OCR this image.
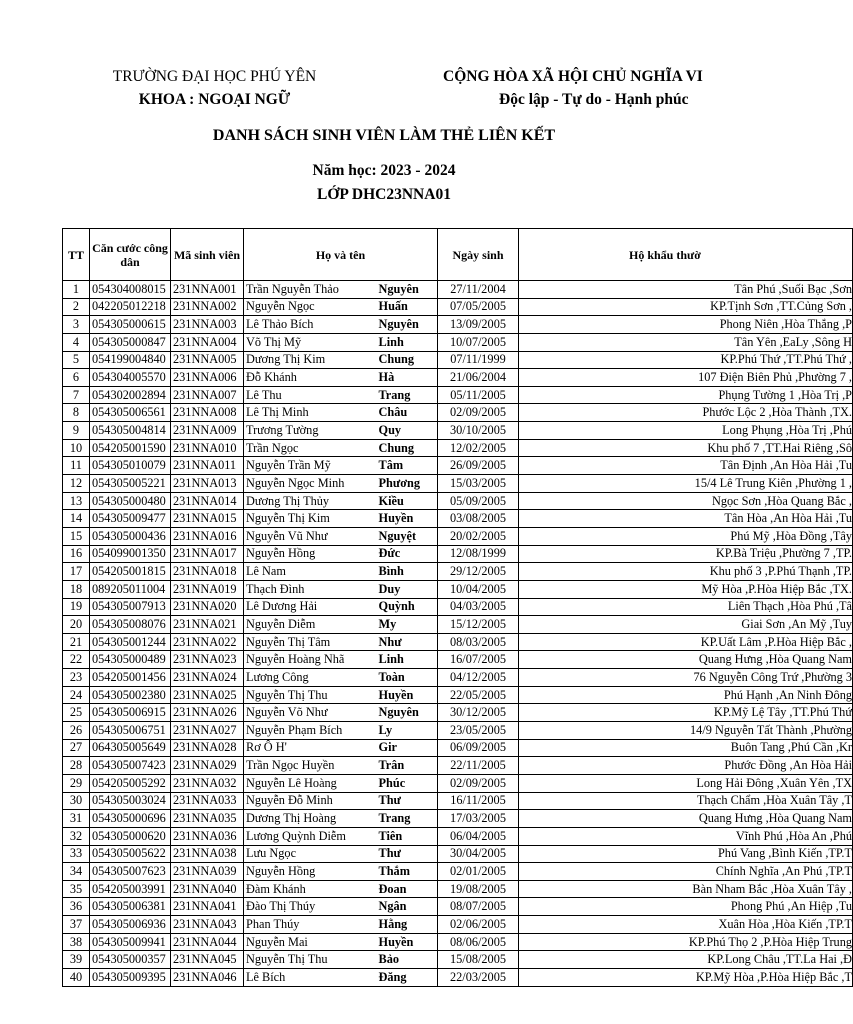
TRƯỜNG ĐẠI HỌC PHÚ YÊN
KHOA : NGOẠI NGỮ
CỘNG HÒA XÃ HỘI CHỦ NGHĨA VI
Độc lập - Tự do - Hạnh phúc
DANH SÁCH SINH VIÊN LÀM THẺ LIÊN KẾT
Năm học: 2023 - 2024
LỚP DHC23NNA01
TT	Căn cước công dân	Mã sinh viên	Họ và tên		Ngày sinh	Hộ khẩu thườ
1	054304008015	231NNA001	Trần Nguyễn Thảo	Nguyên	27/11/2004	Tân Phú ,Suối Bạc ,Sơn
2	042205012218	231NNA002	Nguyễn Ngọc	Huấn	07/05/2005	KP.Tịnh Sơn ,TT.Củng Sơn ,
3	054305000615	231NNA003	Lê Thảo Bích	Nguyên	13/09/2005	Phong Niên ,Hòa Thắng ,P
4	054305000847	231NNA004	Võ Thị Mỹ	Linh	10/07/2005	Tân Yên ,EaLy ,Sông H
5	054199004840	231NNA005	Dương Thị Kim	Chung	07/11/1999	KP.Phú Thứ ,TT.Phú Thứ ,
6	054304005570	231NNA006	Đỗ Khánh	Hà	21/06/2004	107 Điện Biên Phủ ,Phường 7 ,
7	054302002894	231NNA007	Lê Thu	Trang	05/11/2005	Phụng Tường 1 ,Hòa Trị ,P
8	054305006561	231NNA008	Lê Thị Minh	Châu	02/09/2005	Phước Lộc 2 ,Hòa Thành ,TX.
9	054305004814	231NNA009	Trương Tường	Quy	30/10/2005	Long Phụng ,Hòa Trị ,Phú
10	054205001590	231NNA010	Trần Ngọc	Chung	12/02/2005	Khu phố 7 ,TT.Hai Riêng ,Sô
11	054305010079	231NNA011	Nguyễn Trần Mỹ	Tâm	26/09/2005	Tân Định ,An Hòa Hải ,Tu
12	054305005221	231NNA013	Nguyễn Ngọc Minh	Phương	15/03/2005	15/4 Lê Trung Kiên ,Phường 1 ,
13	054305000480	231NNA014	Dương Thị Thủy	Kiều	05/09/2005	Ngọc Sơn ,Hòa Quang Bắc ,
14	054305009477	231NNA015	Nguyễn Thị Kim	Huyền	03/08/2005	Tân Hòa ,An Hòa Hải ,Tu
15	054305000436	231NNA016	Nguyễn Vũ Như	Nguyệt	20/02/2005	Phú Mỹ ,Hòa Đồng ,Tây
16	054099001350	231NNA017	Nguyễn Hồng	Đức	12/08/1999	KP.Bà Triệu ,Phường 7 ,TP.
17	054205001815	231NNA018	Lê Nam	Bình	29/12/2005	Khu phố 3 ,P.Phú Thạnh ,TP.
18	089205011004	231NNA019	Thạch Đình	Duy	10/04/2005	Mỹ Hòa ,P.Hòa Hiệp Bắc ,TX.
19	054305007913	231NNA020	Lê Dương Hải	Quỳnh	04/03/2005	Liên Thạch ,Hòa Phú ,Tâ
20	054305008076	231NNA021	Nguyễn Diễm	My	15/12/2005	Giai Sơn ,An Mỹ ,Tuy
21	054305001244	231NNA022	Nguyễn Thị Tâm	Như	08/03/2005	KP.Uất Lâm ,P.Hòa Hiệp Bắc ,
22	054305000489	231NNA023	Nguyễn Hoàng Nhã	Linh	16/07/2005	Quang Hưng ,Hòa Quang Nam
23	054205001456	231NNA024	Lương Công	Toàn	04/12/2005	76 Nguyễn Công Trứ ,Phường 3
24	054305002380	231NNA025	Nguyễn Thị Thu	Huyền	22/05/2005	Phú Hạnh ,An Ninh Đông
25	054305006915	231NNA026	Nguyễn Võ Như	Nguyên	30/12/2005	KP.Mỹ Lệ Tây ,TT.Phú Thứ
26	054305006751	231NNA027	Nguyễn Phạm Bích	Ly	23/05/2005	14/9 Nguyễn Tất Thành ,Phường
27	064305005649	231NNA028	Rơ Ô H'	Gir	06/09/2005	Buôn Tang ,Phú Cần ,Kr
28	054305007423	231NNA029	Trần Ngọc Huyền	Trân	22/11/2005	Phước Đồng ,An Hòa Hải
29	054205005292	231NNA032	Nguyễn Lê Hoàng	Phúc	02/09/2005	Long Hải Đông ,Xuân Yên ,TX
30	054305003024	231NNA033	Nguyễn Đỗ Minh	Thư	16/11/2005	Thạch Chẩm ,Hòa Xuân Tây ,T
31	054305000696	231NNA035	Dương Thị Hoàng	Trang	17/03/2005	Quang Hưng ,Hòa Quang Nam
32	054305000620	231NNA036	Lương Quỳnh Diễm	Tiên	06/04/2005	Vĩnh Phú ,Hòa An ,Phú
33	054305005622	231NNA038	Lưu Ngọc	Thư	30/04/2005	Phú Vang ,Bình Kiến ,TP.T
34	054305007623	231NNA039	Nguyễn Hồng	Thắm	02/01/2005	Chính Nghĩa ,An Phú ,TP.T
35	054205003991	231NNA040	Đàm Khánh	Đoan	19/08/2005	Bàn Nham Bắc ,Hòa Xuân Tây ,
36	054305006381	231NNA041	Đào Thị Thúy	Ngân	08/07/2005	Phong Phú ,An Hiệp ,Tu
37	054305006936	231NNA043	Phan Thúy	Hằng	02/06/2005	Xuân Hòa ,Hòa Kiến ,TP.T
38	054305009941	231NNA044	Nguyễn Mai	Huyền	08/06/2005	KP.Phú Thọ 2 ,P.Hòa Hiệp Trung
39	054305000357	231NNA045	Nguyễn Thị Thu	Bảo	15/08/2005	KP.Long Châu ,TT.La Hai ,Đ
40	054305009395	231NNA046	Lê Bích	Đăng	22/03/2005	KP.Mỹ Hòa ,P.Hòa Hiệp Bắc ,T
